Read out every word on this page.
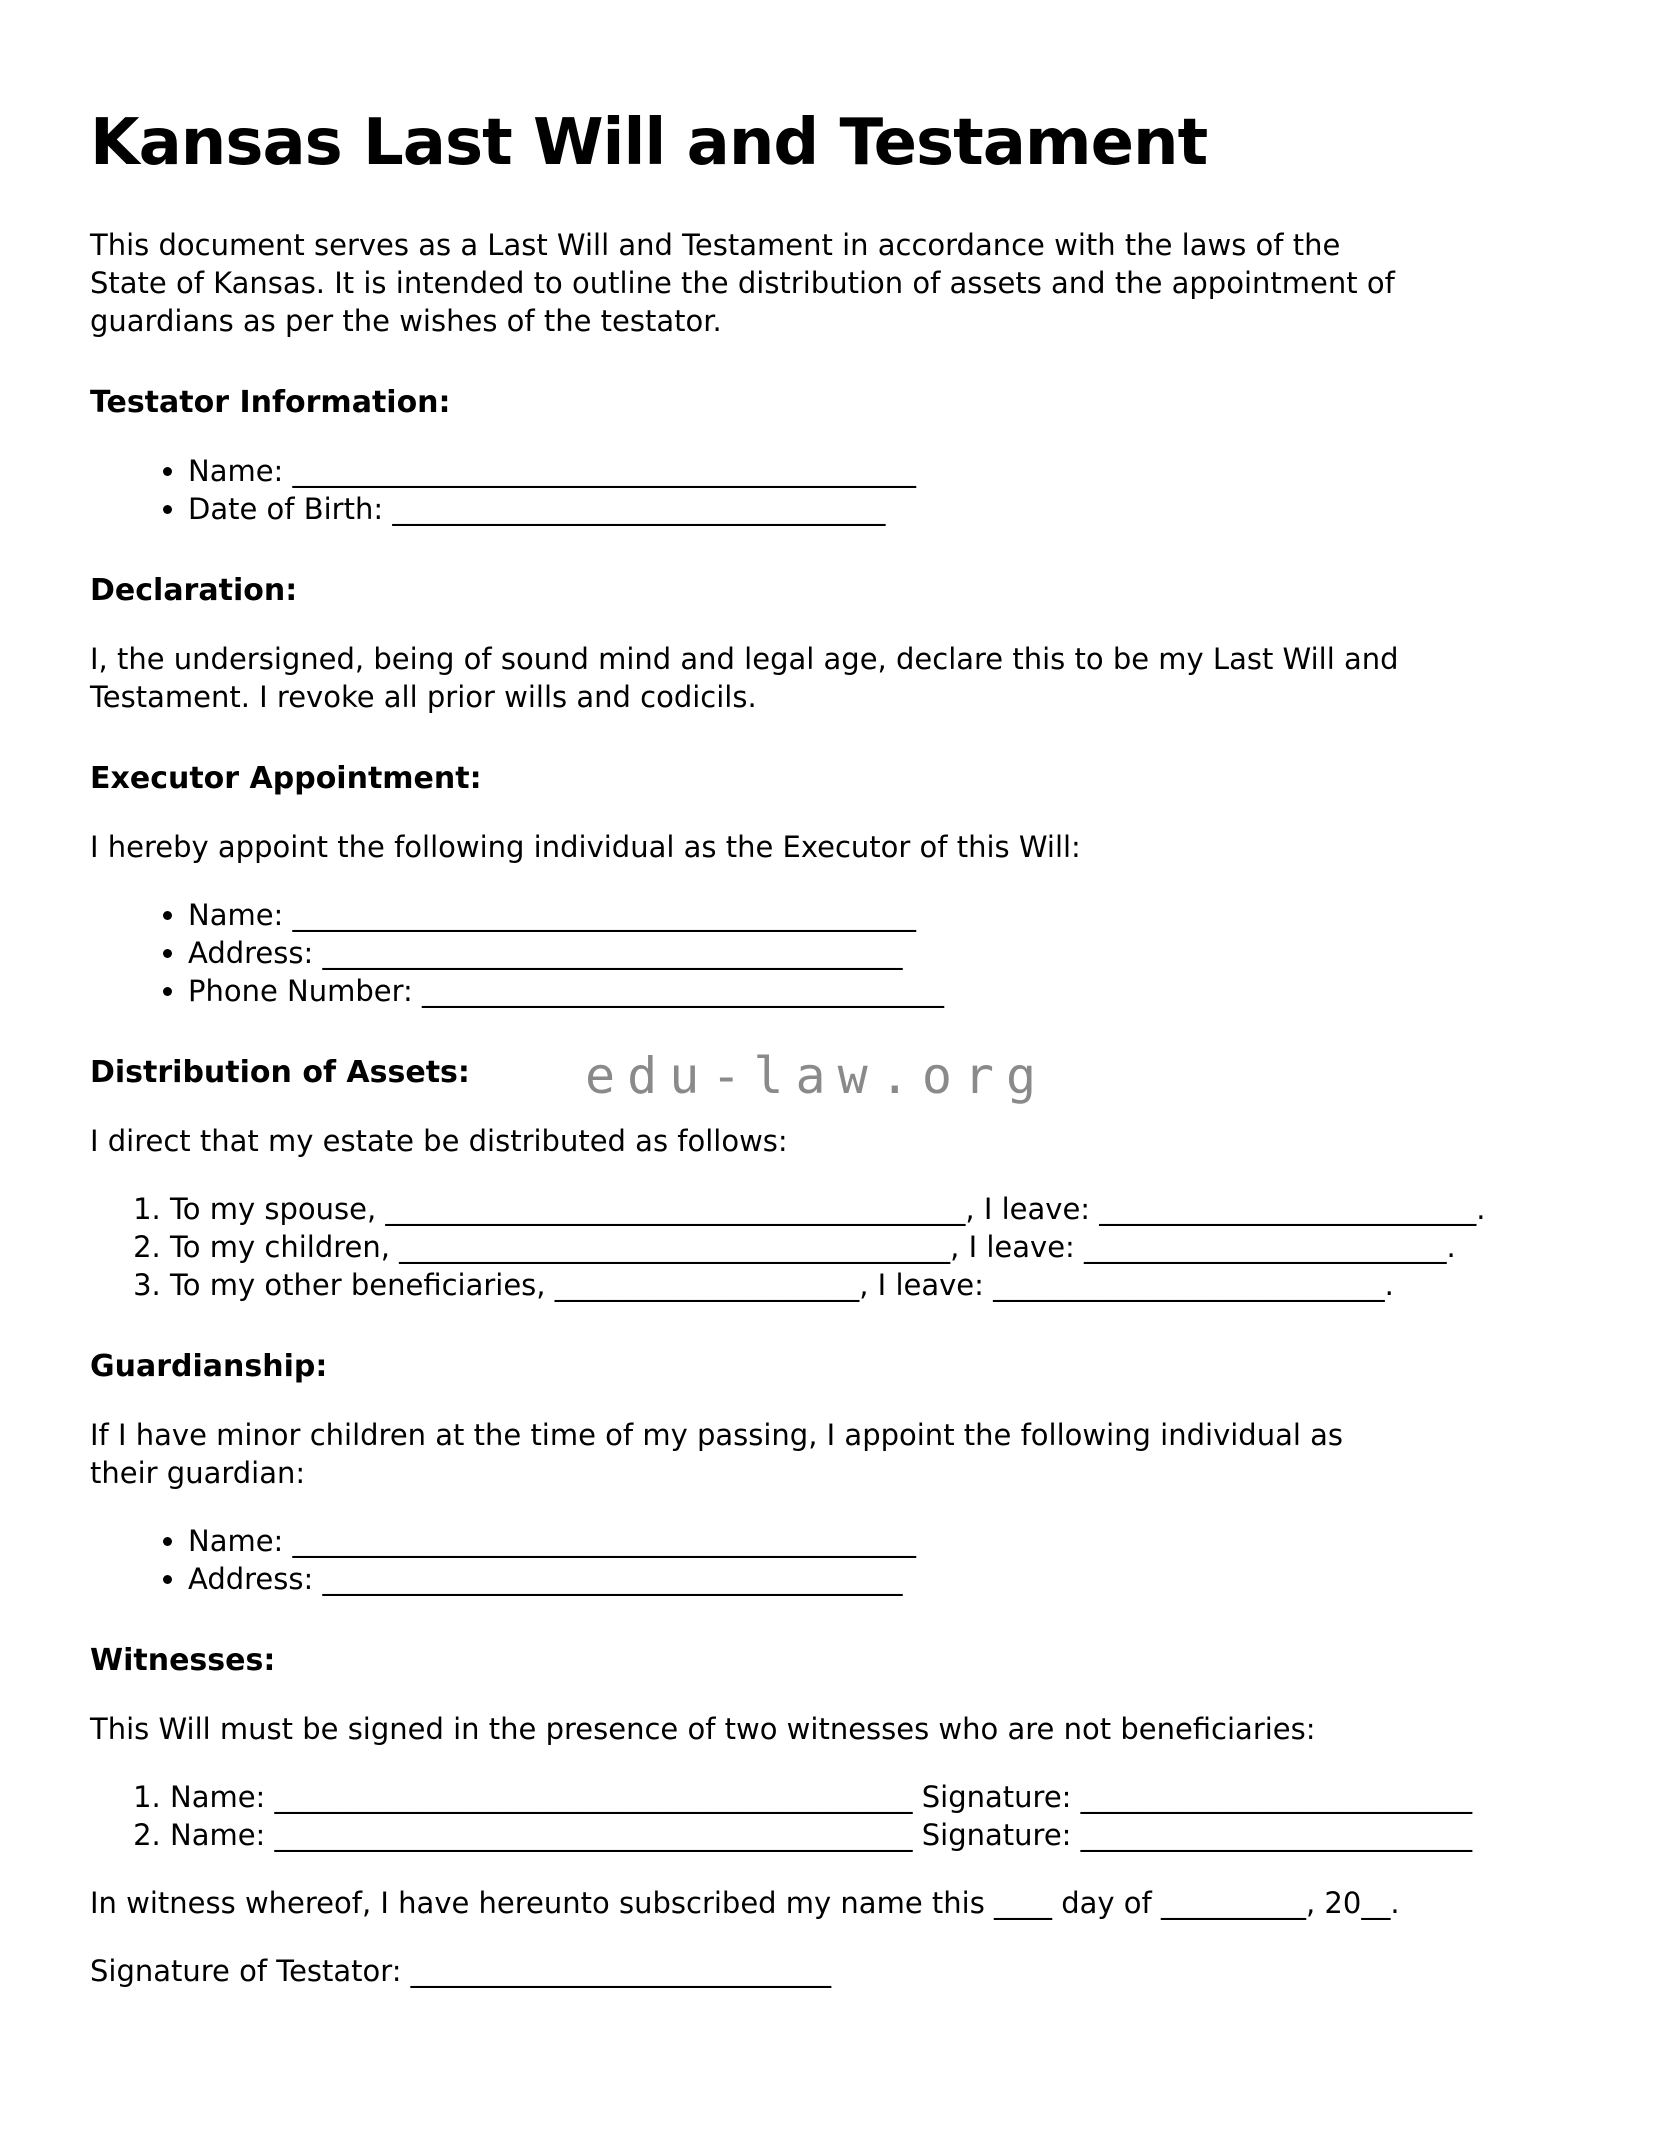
Kansas Last Will and Testament
This document serves as a Last Will and Testament in accordance with the laws of the
State of Kansas. It is intended to outline the distribution of assets and the appointment of
guardians as per the wishes of the testator.
Testator Information:
• Name: ___________________________________________
• Date of Birth: __________________________________
Declaration:
I, the undersigned, being of sound mind and legal age, declare this to be my Last Will and
Testament. I revoke all prior wills and codicils.
Executor Appointment:
I hereby appoint the following individual as the Executor of this Will:
• Name: ___________________________________________
• Address: ________________________________________
• Phone Number: ____________________________________
Distribution of Assets:
I direct that my estate be distributed as follows:
1. To my spouse, ________________________________________, I leave: __________________________.
2. To my children, ______________________________________, I leave: _________________________.
3. To my other beneficiaries, _____________________, I leave: ___________________________.
Guardianship:
If I have minor children at the time of my passing, I appoint the following individual as
their guardian:
• Name: ___________________________________________
• Address: ________________________________________
Witnesses:
This Will must be signed in the presence of two witnesses who are not beneficiaries:
1. Name: ____________________________________________ Signature: ___________________________
2. Name: ____________________________________________ Signature: ___________________________
In witness whereof, I have hereunto subscribed my name this ____ day of __________, 20__.
Signature of Testator: _____________________________
edu-law.org
